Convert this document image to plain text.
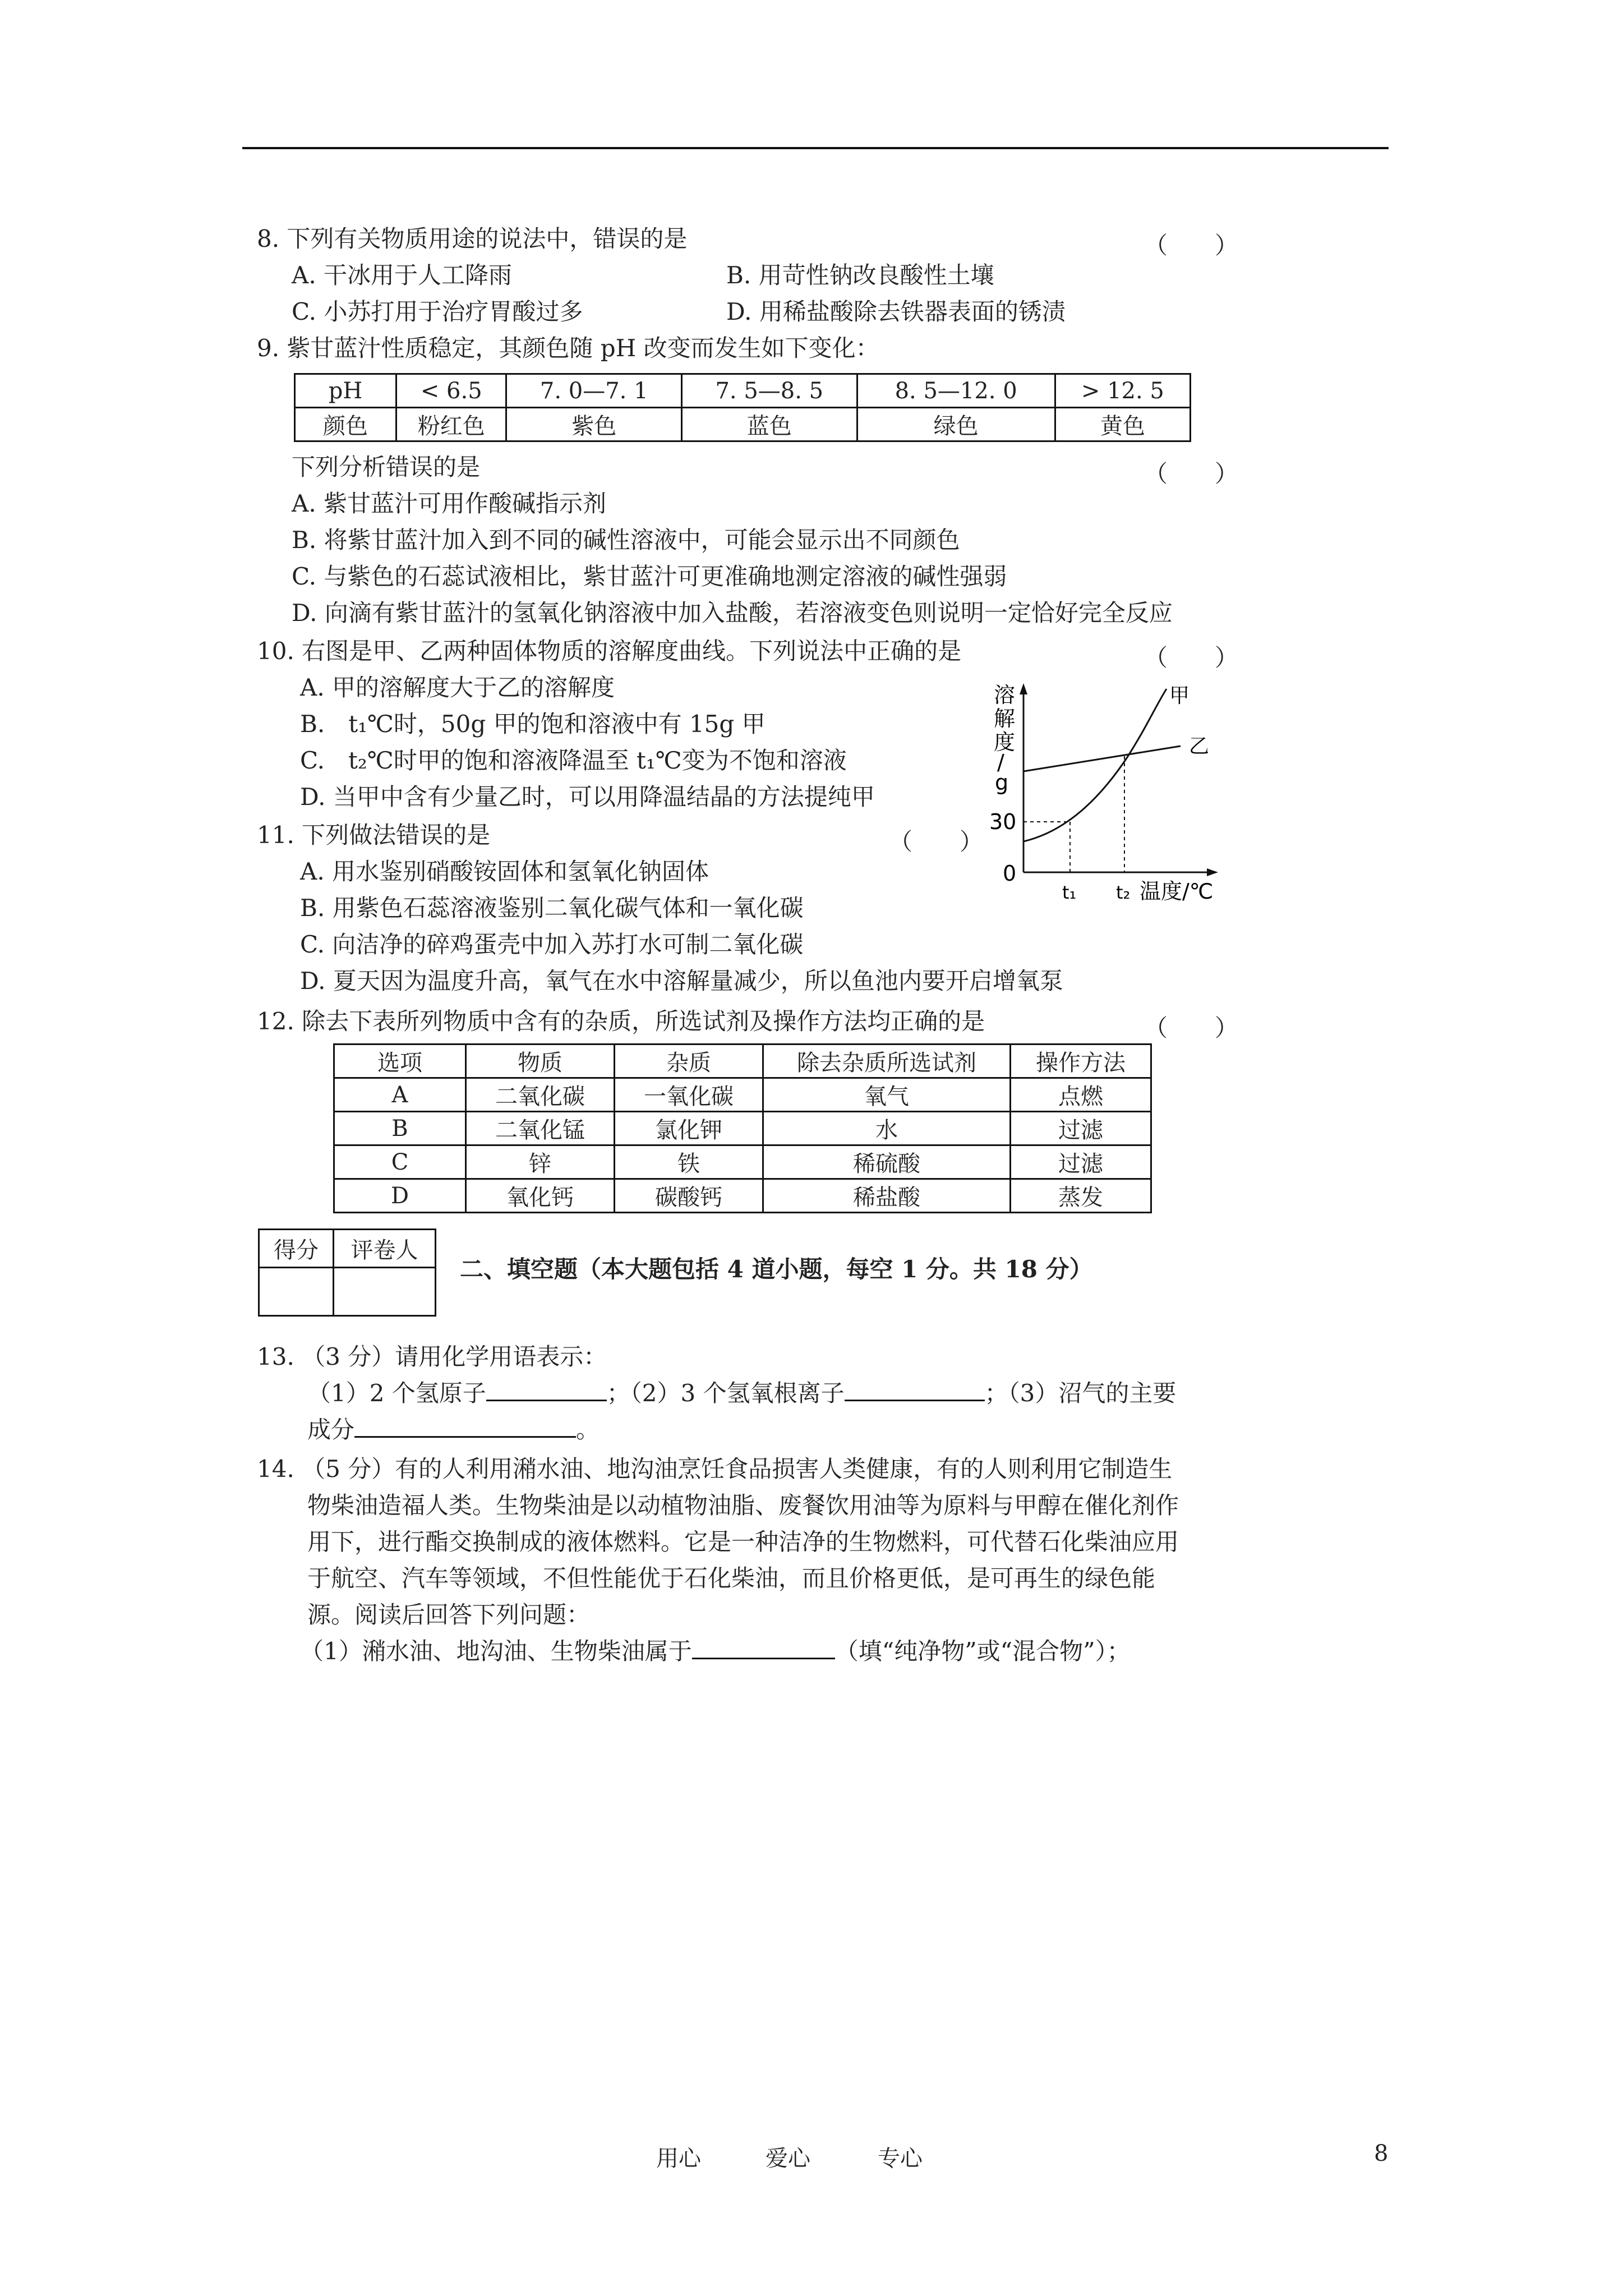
8. 下列有关物质用途的说法中，错误的是	（　　）
A. 干冰用于人工降雨	B. 用苛性钠改良酸性土壤
C. 小苏打用于治疗胃酸过多	D. 用稀盐酸除去铁器表面的锈渍
9. 紫甘蓝汁性质稳定，其颜色随 pH 改变而发生如下变化：
pH	< 6.5	7. 0—7. 1	7. 5—8. 5	8. 5—12. 0	> 12. 5
颜色	粉红色	紫色	蓝色	绿色	黄色
下列分析错误的是	（　　）
A. 紫甘蓝汁可用作酸碱指示剂
B. 将紫甘蓝汁加入到不同的碱性溶液中，可能会显示出不同颜色
C. 与紫色的石蕊试液相比，紫甘蓝汁可更准确地测定溶液的碱性强弱
D. 向滴有紫甘蓝汁的氢氧化钠溶液中加入盐酸，若溶液变色则说明一定恰好完全反应
10. 右图是甲、乙两种固体物质的溶解度曲线。下列说法中正确的是	（　　）
A. 甲的溶解度大于乙的溶解度
B.　t₁℃时，50g 甲的饱和溶液中有 15g 甲
C.　t₂℃时甲的饱和溶液降温至 t₁℃变为不饱和溶液
D. 当甲中含有少量乙时，可以用降温结晶的方法提纯甲
溶
解
度
/
g
30
0
t₁ t₂ 温度/℃
甲
乙
11. 下列做法错误的是	（　　）
A. 用水鉴别硝酸铵固体和氢氧化钠固体
B. 用紫色石蕊溶液鉴别二氧化碳气体和一氧化碳
C. 向洁净的碎鸡蛋壳中加入苏打水可制二氧化碳
D. 夏天因为温度升高，氧气在水中溶解量减少，所以鱼池内要开启增氧泵
12. 除去下表所列物质中含有的杂质，所选试剂及操作方法均正确的是	（　　）
选项	物质	杂质	除去杂质所选试剂	操作方法
A	二氧化碳	一氧化碳	氧气	点燃
B	二氧化锰	氯化钾	水	过滤
C	锌	铁	稀硫酸	过滤
D	氧化钙	碳酸钙	稀盐酸	蒸发
得分	评卷人

二、填空题（本大题包括 4 道小题，每空 1 分。共 18 分）
13. （3 分）请用化学用语表示：
（1）2 个氢原子	；（2）3 个氢氧根离子	；（3）沼气的主要
成分	。
14. （5 分）有的人利用潲水油、地沟油烹饪食品损害人类健康，有的人则利用它制造生
物柴油造福人类。生物柴油是以动植物油脂、废餐饮用油等为原料与甲醇在催化剂作
用下，进行酯交换制成的液体燃料。它是一种洁净的生物燃料，可代替石化柴油应用
于航空、汽车等领域，不但性能优于石化柴油，而且价格更低，是可再生的绿色能
源。阅读后回答下列问题：
（1）潲水油、地沟油、生物柴油属于	（填“纯净物”或“混合物”）；
用心	爱心	专心	8
